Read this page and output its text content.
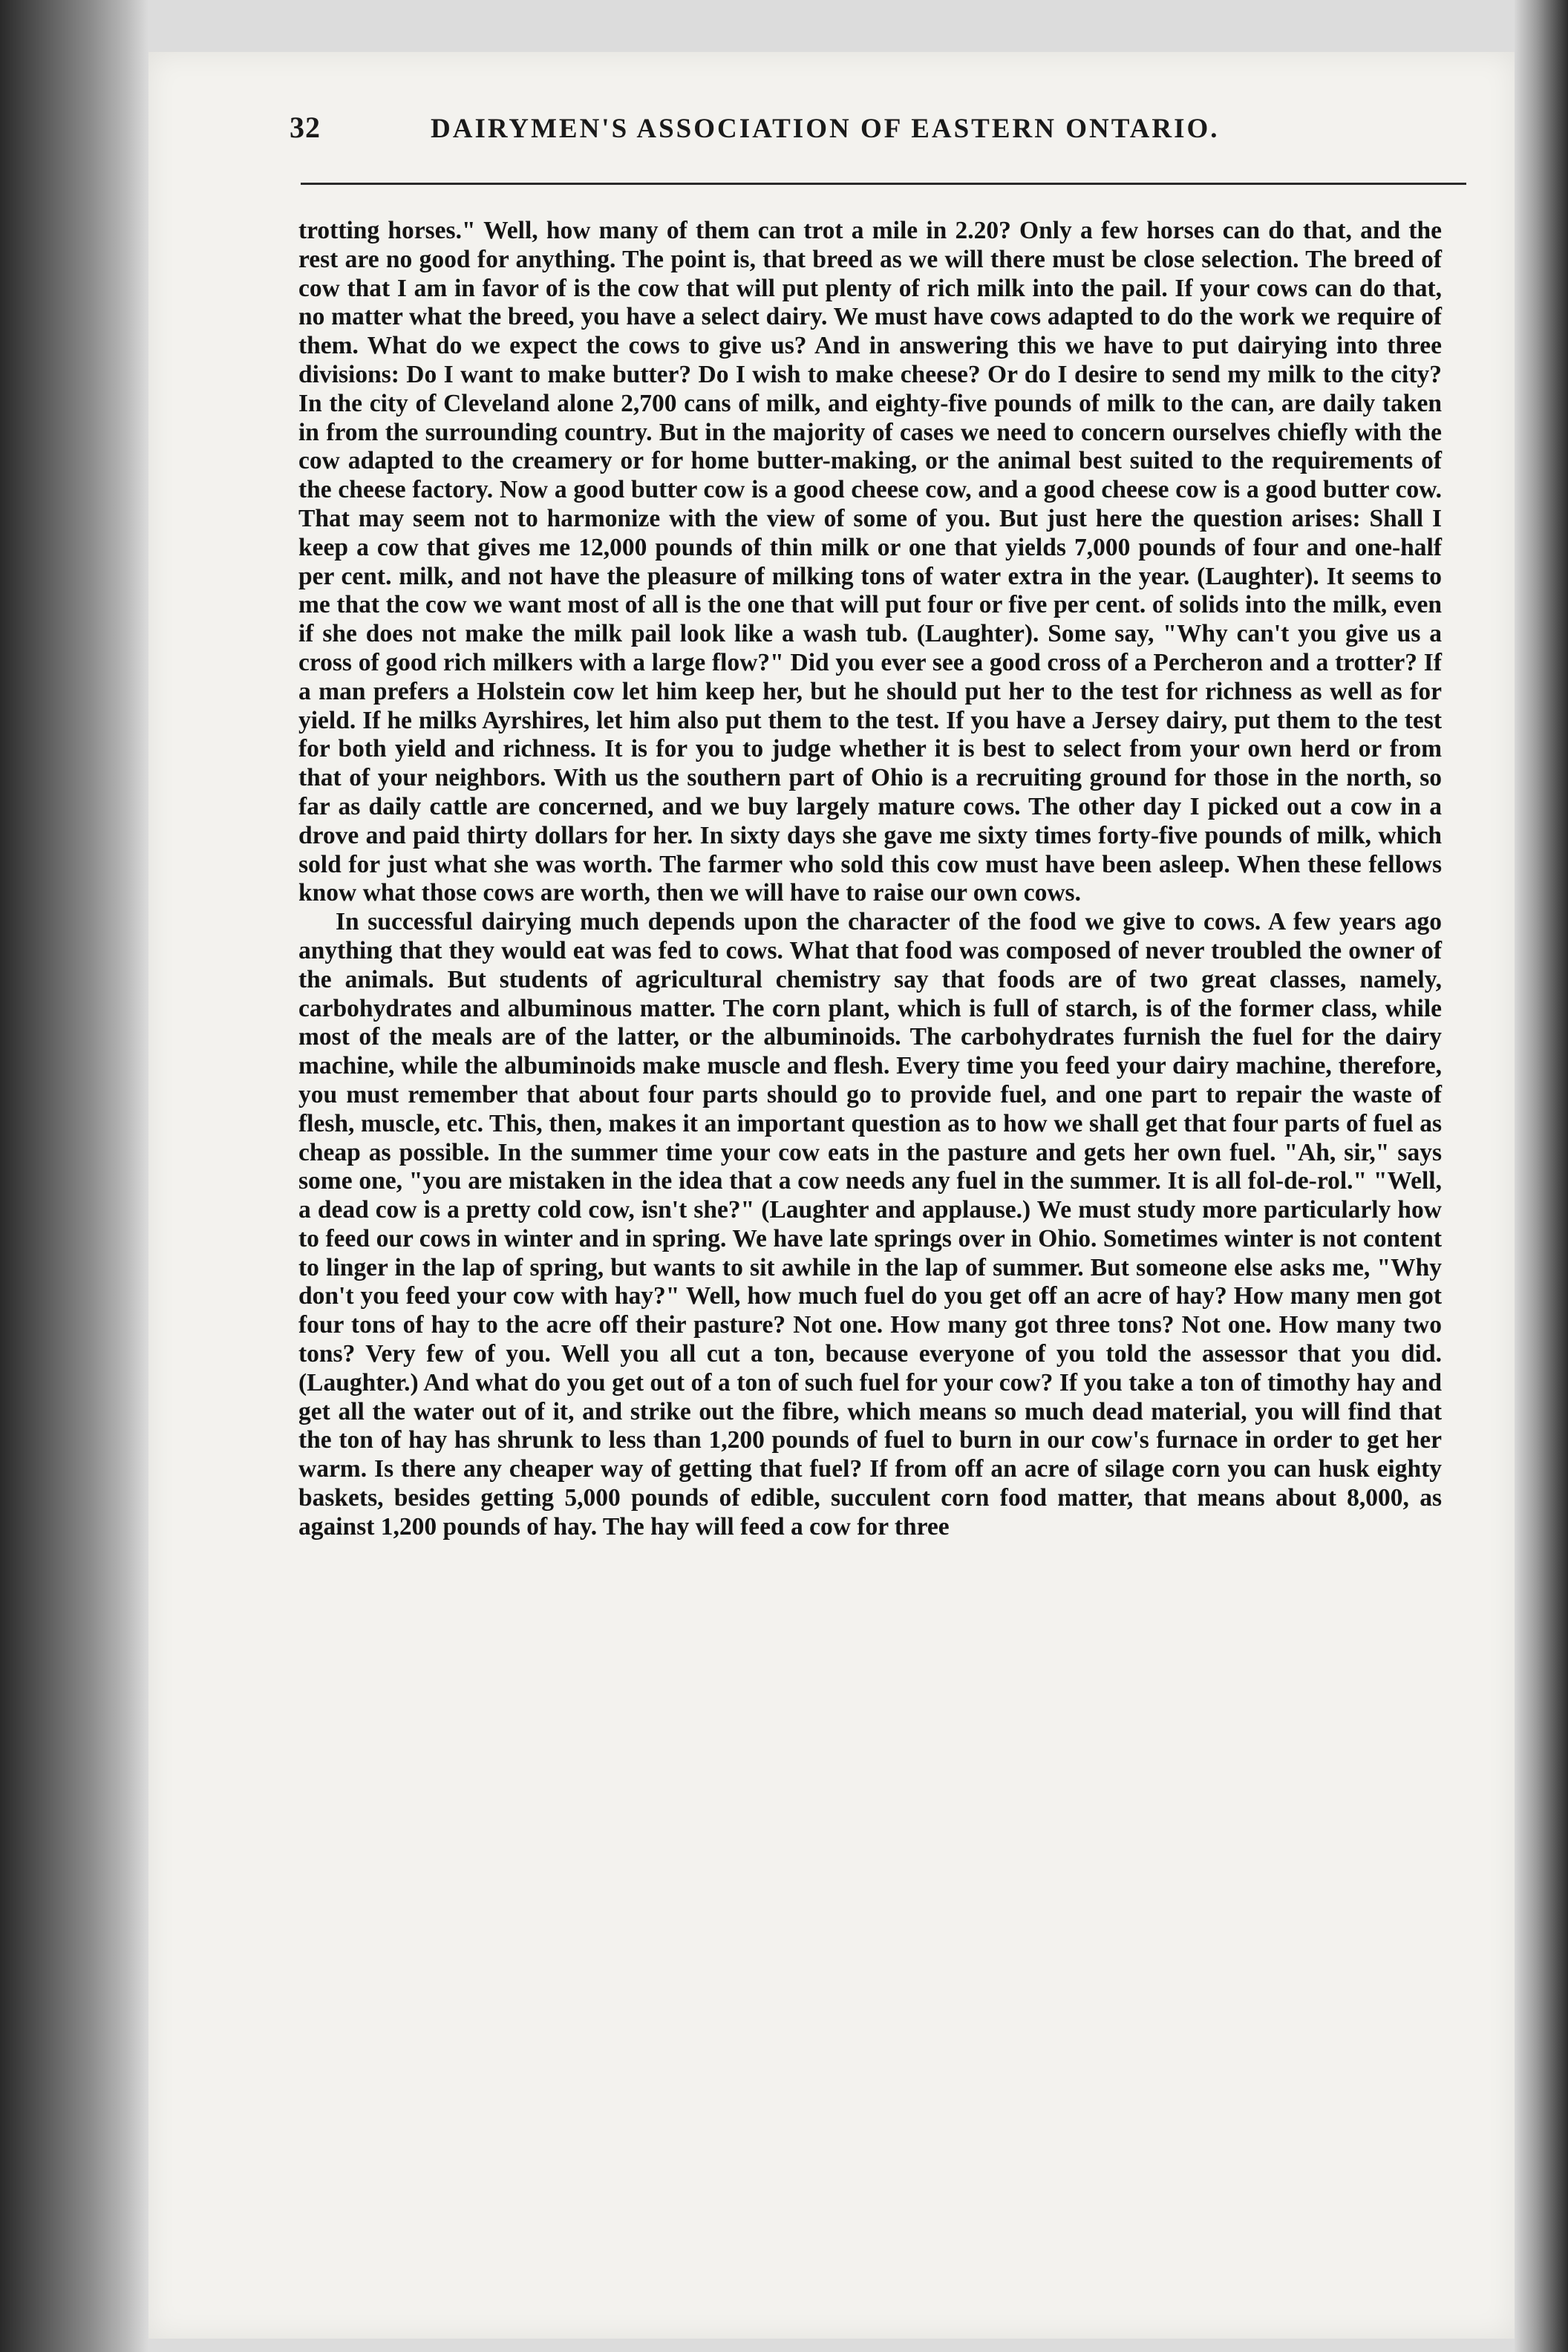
32	DAIRYMEN'S ASSOCIATION OF EASTERN ONTARIO.

trotting horses." Well, how many of them can trot a mile in 2.20? Only a few horses can do that, and the rest are no good for anything. The point is, that breed as we will there must be close selection. The breed of cow that I am in favor of is the cow that will put plenty of rich milk into the pail. If your cows can do that, no matter what the breed, you have a select dairy. We must have cows adapted to do the work we require of them. What do we expect the cows to give us? And in answering this we have to put dairying into three divisions: Do I want to make butter? Do I wish to make cheese? Or do I desire to send my milk to the city? In the city of Cleveland alone 2,700 cans of milk, and eighty-five pounds of milk to the can, are daily taken in from the surrounding country. But in the majority of cases we need to concern ourselves chiefly with the cow adapted to the creamery or for home butter-making, or the animal best suited to the requirements of the cheese factory. Now a good butter cow is a good cheese cow, and a good cheese cow is a good butter cow. That may seem not to harmonize with the view of some of you. But just here the question arises: Shall I keep a cow that gives me 12,000 pounds of thin milk or one that yields 7,000 pounds of four and one-half per cent. milk, and not have the pleasure of milking tons of water extra in the year. (Laughter). It seems to me that the cow we want most of all is the one that will put four or five per cent. of solids into the milk, even if she does not make the milk pail look like a wash tub. (Laughter). Some say, "Why can't you give us a cross of good rich milkers with a large flow?" Did you ever see a good cross of a Percheron and a trotter? If a man prefers a Holstein cow let him keep her, but he should put her to the test for richness as well as for yield. If he milks Ayrshires, let him also put them to the test. If you have a Jersey dairy, put them to the test for both yield and richness. It is for you to judge whether it is best to select from your own herd or from that of your neighbors. With us the southern part of Ohio is a recruiting ground for those in the north, so far as daily cattle are concerned, and we buy largely mature cows. The other day I picked out a cow in a drove and paid thirty dollars for her. In sixty days she gave me sixty times forty-five pounds of milk, which sold for just what she was worth. The farmer who sold this cow must have been asleep. When these fellows know what those cows are worth, then we will have to raise our own cows.

In successful dairying much depends upon the character of the food we give to cows. A few years ago anything that they would eat was fed to cows. What that food was composed of never troubled the owner of the animals. But students of agricultural chemistry say that foods are of two great classes, namely, carbohydrates and albuminous matter. The corn plant, which is full of starch, is of the former class, while most of the meals are of the latter, or the albuminoids. The carbohydrates furnish the fuel for the dairy machine, while the albuminoids make muscle and flesh. Every time you feed your dairy machine, therefore, you must remember that about four parts should go to provide fuel, and one part to repair the waste of flesh, muscle, etc. This, then, makes it an important question as to how we shall get that four parts of fuel as cheap as possible. In the summer time your cow eats in the pasture and gets her own fuel. "Ah, sir," says some one, "you are mistaken in the idea that a cow needs any fuel in the summer. It is all fol-de-rol." "Well, a dead cow is a pretty cold cow, isn't she?" (Laughter and applause.) We must study more particularly how to feed our cows in winter and in spring. We have late springs over in Ohio. Sometimes winter is not content to linger in the lap of spring, but wants to sit awhile in the lap of summer. But someone else asks me, "Why don't you feed your cow with hay?" Well, how much fuel do you get off an acre of hay? How many men got four tons of hay to the acre off their pasture? Not one. How many got three tons? Not one. How many two tons? Very few of you. Well you all cut a ton, because everyone of you told the assessor that you did. (Laughter.) And what do you get out of a ton of such fuel for your cow? If you take a ton of timothy hay and get all the water out of it, and strike out the fibre, which means so much dead material, you will find that the ton of hay has shrunk to less than 1,200 pounds of fuel to burn in our cow's furnace in order to get her warm. Is there any cheaper way of getting that fuel? If from off an acre of silage corn you can husk eighty baskets, besides getting 5,000 pounds of edible, succulent corn food matter, that means about 8,000, as against 1,200 pounds of hay. The hay will feed a cow for three
